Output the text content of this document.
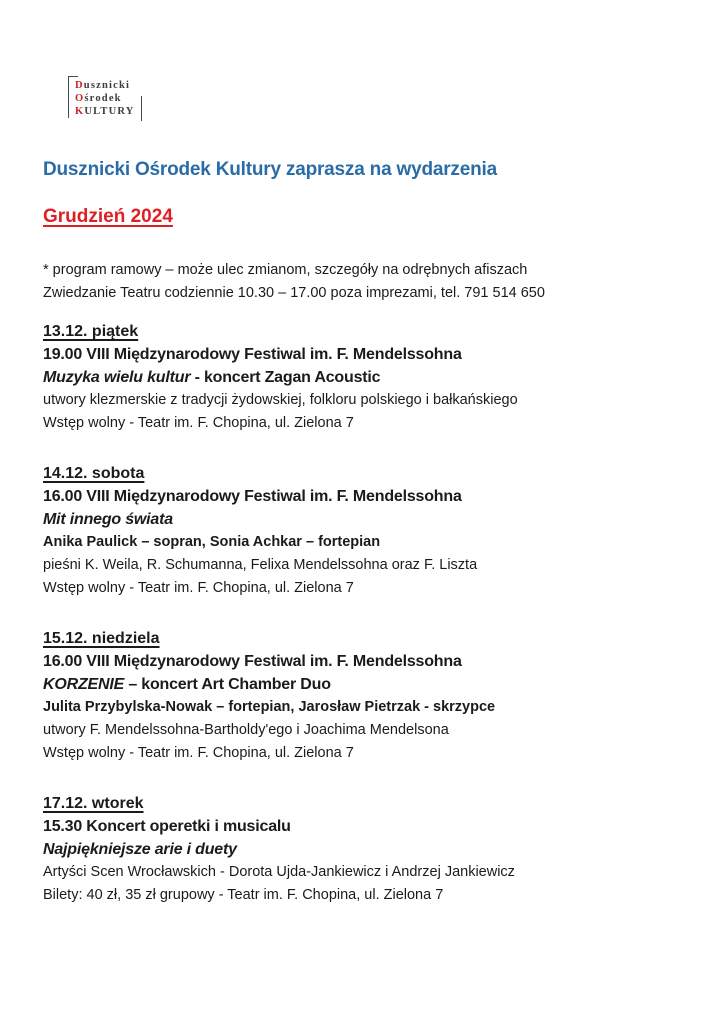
Dusznicki
Ośrodek
KULTURY
Dusznicki Ośrodek Kultury zaprasza na wydarzenia
Grudzień 2024
* program ramowy – może ulec zmianom, szczegóły na odrębnych afiszach
Zwiedzanie Teatru codziennie 10.30 – 17.00 poza imprezami, tel. 791 514 650
13.12. piątek
19.00 VIII Międzynarodowy Festiwal im. F. Mendelssohna
Muzyka wielu kultur - koncert Zagan Acoustic
utwory klezmerskie z tradycji żydowskiej, folkloru polskiego i bałkańskiego
Wstęp wolny - Teatr im. F. Chopina, ul. Zielona 7
14.12. sobota
16.00 VIII Międzynarodowy Festiwal im. F. Mendelssohna
Mit innego świata
Anika Paulick – sopran, Sonia Achkar – fortepian
pieśni K. Weila, R. Schumanna, Felixa Mendelssohna oraz F. Liszta
Wstęp wolny - Teatr im. F. Chopina, ul. Zielona 7
15.12. niedziela
16.00 VIII Międzynarodowy Festiwal im. F. Mendelssohna
KORZENIE – koncert Art Chamber Duo
Julita Przybylska-Nowak – fortepian, Jarosław Pietrzak - skrzypce
utwory F. Mendelssohna-Bartholdy'ego i Joachima Mendelsona
Wstęp wolny - Teatr im. F. Chopina, ul. Zielona 7
17.12. wtorek
15.30 Koncert operetki i musicalu
Najpiękniejsze arie i duety
Artyści Scen Wrocławskich - Dorota Ujda-Jankiewicz i Andrzej Jankiewicz
Bilety: 40 zł, 35 zł grupowy - Teatr im. F. Chopina, ul. Zielona 7
